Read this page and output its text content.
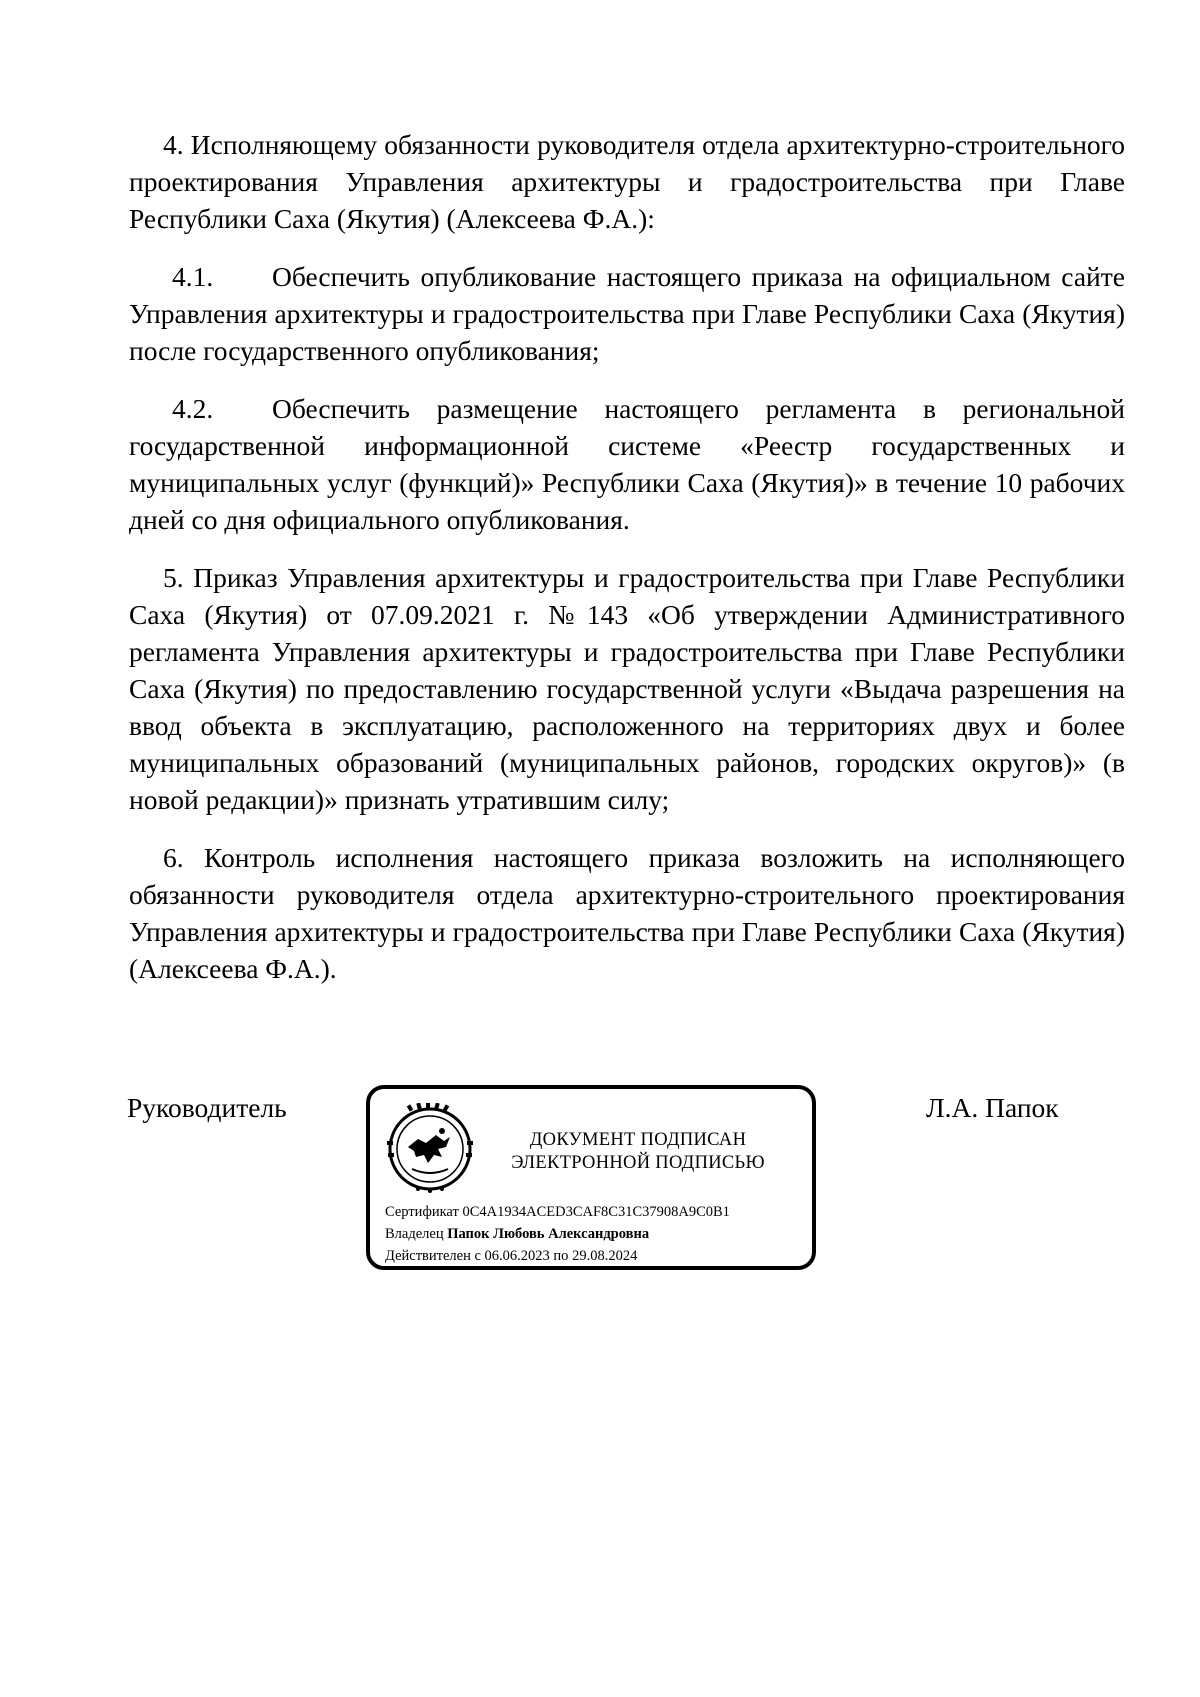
4. Исполняющему обязанности руководителя отдела архитектурно-строительного проектирования Управления архитектуры и градостроительства при Главе Республики Саха (Якутия) (Алексеева Ф.А.):

4.1. Обеспечить опубликование настоящего приказа на официальном сайте Управления архитектуры и градостроительства при Главе Республики Саха (Якутия) после государственного опубликования;

4.2. Обеспечить размещение настоящего регламента в региональной государственной информационной системе «Реестр государственных и муниципальных услуг (функций)» Республики Саха (Якутия)» в течение 10 рабочих дней со дня официального опубликования.

5. Приказ Управления архитектуры и градостроительства при Главе Республики Саха (Якутия) от 07.09.2021 г. №143 «Об утверждении Административного регламента Управления архитектуры и градостроительства при Главе Республики Саха (Якутия) по предоставлению государственной услуги «Выдача разрешения на ввод объекта в эксплуатацию, расположенного на территориях двух и более муниципальных образований (муниципальных районов, городских округов)» (в новой редакции)» признать утратившим силу;

6. Контроль исполнения настоящего приказа возложить на исполняющего обязанности руководителя отдела архитектурно-строительного проектирования Управления архитектуры и градостроительства при Главе Республики Саха (Якутия) (Алексеева Ф.А.).

Руководитель
ДОКУМЕНТ ПОДПИСАН
ЭЛЕКТРОННОЙ ПОДПИСЬЮ
Сертификат 0C4A1934ACED3CAF8C31C37908A9C0B1
Владелец Папок Любовь Александровна
Действителен с 06.06.2023 по 29.08.2024
Л.А. Папок
